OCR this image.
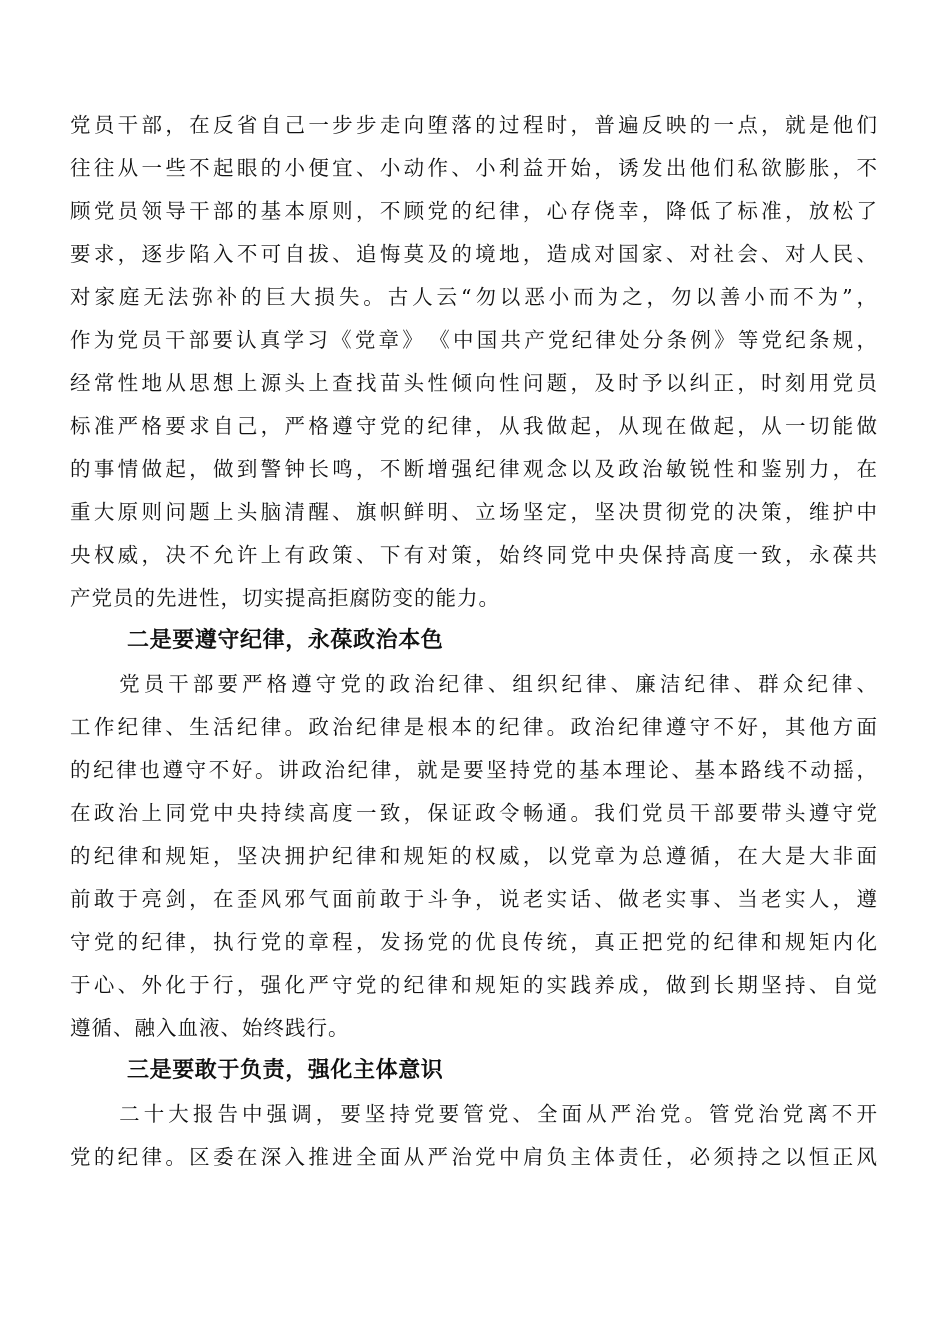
党员干部，在反省自己一步步走向堕落的过程时，普遍反映的一点，就是他们
往往从一些不起眼的小便宜、小动作、小利益开始，诱发出他们私欲膨胀，不
顾党员领导干部的基本原则，不顾党的纪律，心存侥幸，降低了标准，放松了
要求，逐步陷入不可自拔、追悔莫及的境地，造成对国家、对社会、对人民、
对家庭无法弥补的巨大损失。古人云“勿以恶小而为之，勿以善小而不为”，
作为党员干部要认真学习《党章》　《中国共产党纪律处分条例》等党纪条规，
经常性地从思想上源头上查找苗头性倾向性问题，及时予以纠正，时刻用党员
标准严格要求自己，严格遵守党的纪律，从我做起，从现在做起，从一切能做
的事情做起，做到警钟长鸣，不断增强纪律观念以及政治敏锐性和鉴别力，在
重大原则问题上头脑清醒、旗帜鲜明、立场坚定，坚决贯彻党的决策，维护中
央权威，决不允许上有政策、下有对策，始终同党中央保持高度一致，永葆共
产党员的先进性，切实提高拒腐防变的能力。
二是要遵守纪律，永葆政治本色
　　党员干部要严格遵守党的政治纪律、组织纪律、廉洁纪律、群众纪律、
工作纪律、生活纪律。政治纪律是根本的纪律。政治纪律遵守不好，其他方面
的纪律也遵守不好。讲政治纪律，就是要坚持党的基本理论、基本路线不动摇，
在政治上同党中央持续高度一致，保证政令畅通。我们党员干部要带头遵守党
的纪律和规矩，坚决拥护纪律和规矩的权威，以党章为总遵循，在大是大非面
前敢于亮剑，在歪风邪气面前敢于斗争，说老实话、做老实事、当老实人，遵
守党的纪律，执行党的章程，发扬党的优良传统，真正把党的纪律和规矩内化
于心、外化于行，强化严守党的纪律和规矩的实践养成，做到长期坚持、自觉
遵循、融入血液、始终践行。
三是要敢于负责，强化主体意识
　　二十大报告中强调，要坚持党要管党、全面从严治党。管党治党离不开
党的纪律。区委在深入推进全面从严治党中肩负主体责任，必须持之以恒正风
